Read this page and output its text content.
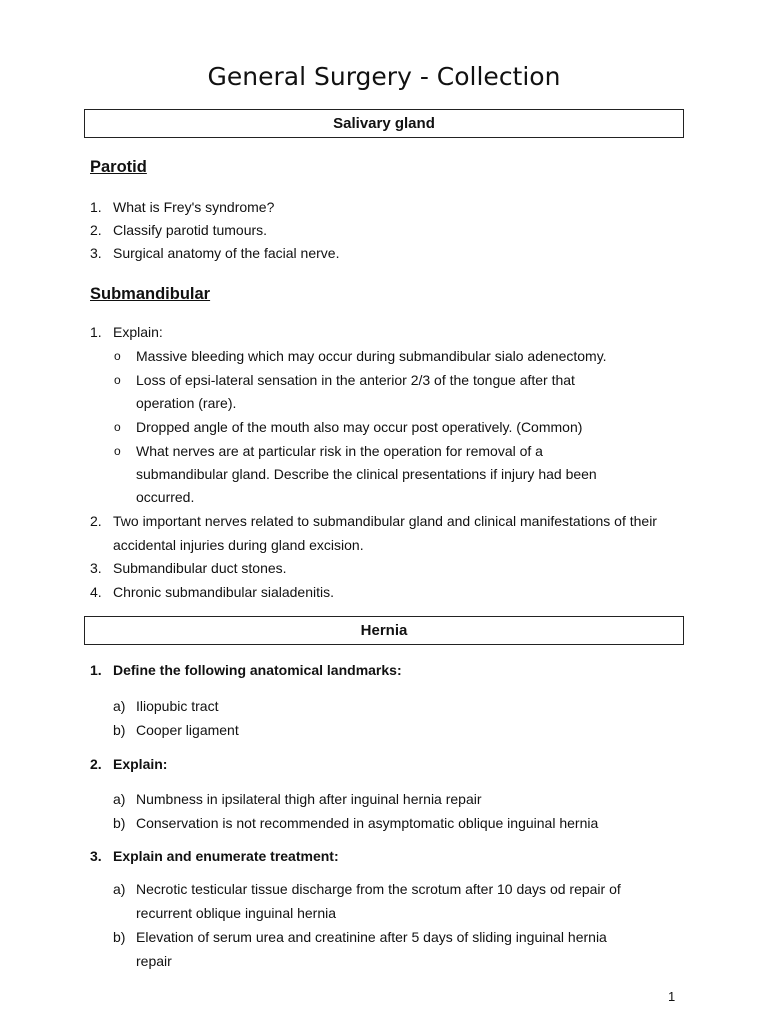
General Surgery - Collection
Salivary gland
Parotid
1. What is Frey's syndrome?
2. Classify parotid tumours.
3. Surgical anatomy of the facial nerve.
Submandibular
1. Explain:
o Massive bleeding which may occur during submandibular sialo adenectomy.
o Loss of epsi-lateral sensation in the anterior 2/3 of the tongue after that
operation (rare).
o Dropped angle of the mouth also may occur post operatively. (Common)
o What nerves are at particular risk in the operation for removal of a
submandibular gland. Describe the clinical presentations if injury had been
occurred.
2. Two important nerves related to submandibular gland and clinical manifestations of their
accidental injuries during gland excision.
3. Submandibular duct stones.
4. Chronic submandibular sialadenitis.
Hernia
1. Define the following anatomical landmarks:
a) Iliopubic tract
b) Cooper ligament
2. Explain:
a) Numbness in ipsilateral thigh after inguinal hernia repair
b) Conservation is not recommended in asymptomatic oblique inguinal hernia
3. Explain and enumerate treatment:
a) Necrotic testicular tissue discharge from the scrotum after 10 days od repair of
recurrent oblique inguinal hernia
b) Elevation of serum urea and creatinine after 5 days of sliding inguinal hernia
repair
1
